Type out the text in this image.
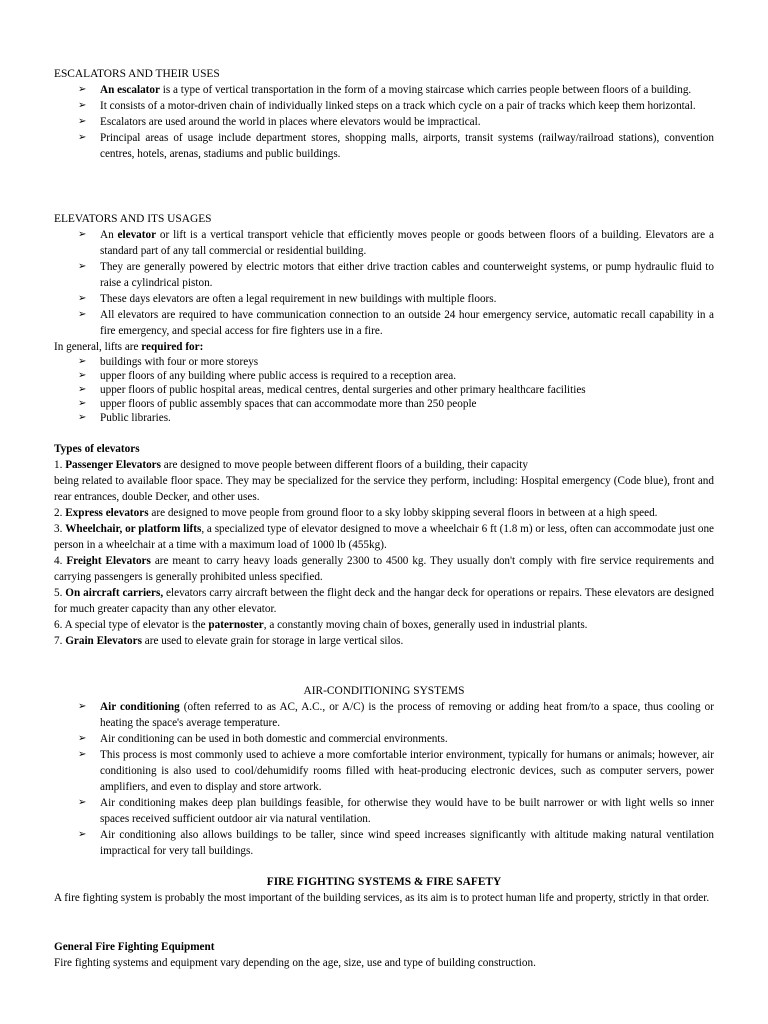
ESCALATORS AND THEIR USES

➢ An escalator is a type of vertical transportation in the form of a moving staircase which carries people between floors of a building.
➢ It consists of a motor-driven chain of individually linked steps on a track which cycle on a pair of tracks which keep them horizontal.
➢ Escalators are used around the world in places where elevators would be impractical.
➢ Principal areas of usage include department stores, shopping malls, airports, transit systems (railway/railroad stations), convention centres, hotels, arenas, stadiums and public buildings.

ELEVATORS AND ITS USAGES

➢ An elevator or lift is a vertical transport vehicle that efficiently moves people or goods between floors of a building. Elevators are a standard part of any tall commercial or residential building.
➢ They are generally powered by electric motors that either drive traction cables and counterweight systems, or pump hydraulic fluid to raise a cylindrical piston.
➢ These days elevators are often a legal requirement in new buildings with multiple floors.
➢ All elevators are required to have communication connection to an outside 24 hour emergency service, automatic recall capability in a fire emergency, and special access for fire fighters use in a fire.

In general, lifts are required for:

➢ buildings with four or more storeys
➢ upper floors of any building where public access is required to a reception area.
➢ upper floors of public hospital areas, medical centres, dental surgeries and other primary healthcare facilities
➢ upper floors of public assembly spaces that can accommodate more than 250 people
➢ Public libraries.

Types of elevators

1. Passenger Elevators are designed to move people between different floors of a building, their capacity

being related to available floor space. They may be specialized for the service they perform, including: Hospital emergency (Code blue), front and rear entrances, double Decker, and other uses.

2. Express elevators are designed to move people from ground floor to a sky lobby skipping several floors in between at a high speed.

3. Wheelchair, or platform lifts, a specialized type of elevator designed to move a wheelchair 6 ft (1.8 m) or less, often can accommodate just one person in a wheelchair at a time with a maximum load of 1000 lb (455kg).

4. Freight Elevators are meant to carry heavy loads generally 2300 to 4500 kg. They usually don't comply with fire service requirements and carrying passengers is generally prohibited unless specified.

5. On aircraft carriers, elevators carry aircraft between the flight deck and the hangar deck for operations or repairs. These elevators are designed for much greater capacity than any other elevator.

6. A special type of elevator is the paternoster, a constantly moving chain of boxes, generally used in industrial plants.

7. Grain Elevators are used to elevate grain for storage in large vertical silos.

AIR-CONDITIONING SYSTEMS

➢ Air conditioning (often referred to as AC, A.C., or A/C) is the process of removing or adding heat from/to a space, thus cooling or heating the space's average temperature.
➢ Air conditioning can be used in both domestic and commercial environments.
➢ This process is most commonly used to achieve a more comfortable interior environment, typically for humans or animals; however, air conditioning is also used to cool/dehumidify rooms filled with heat-producing electronic devices, such as computer servers, power amplifiers, and even to display and store artwork.
➢ Air conditioning makes deep plan buildings feasible, for otherwise they would have to be built narrower or with light wells so inner spaces received sufficient outdoor air via natural ventilation.
➢ Air conditioning also allows buildings to be taller, since wind speed increases significantly with altitude making natural ventilation impractical for very tall buildings.

FIRE FIGHTING SYSTEMS & FIRE SAFETY

A fire fighting system is probably the most important of the building services, as its aim is to protect human life and property, strictly in that order.

General Fire Fighting Equipment

Fire fighting systems and equipment vary depending on the age, size, use and type of building construction.
